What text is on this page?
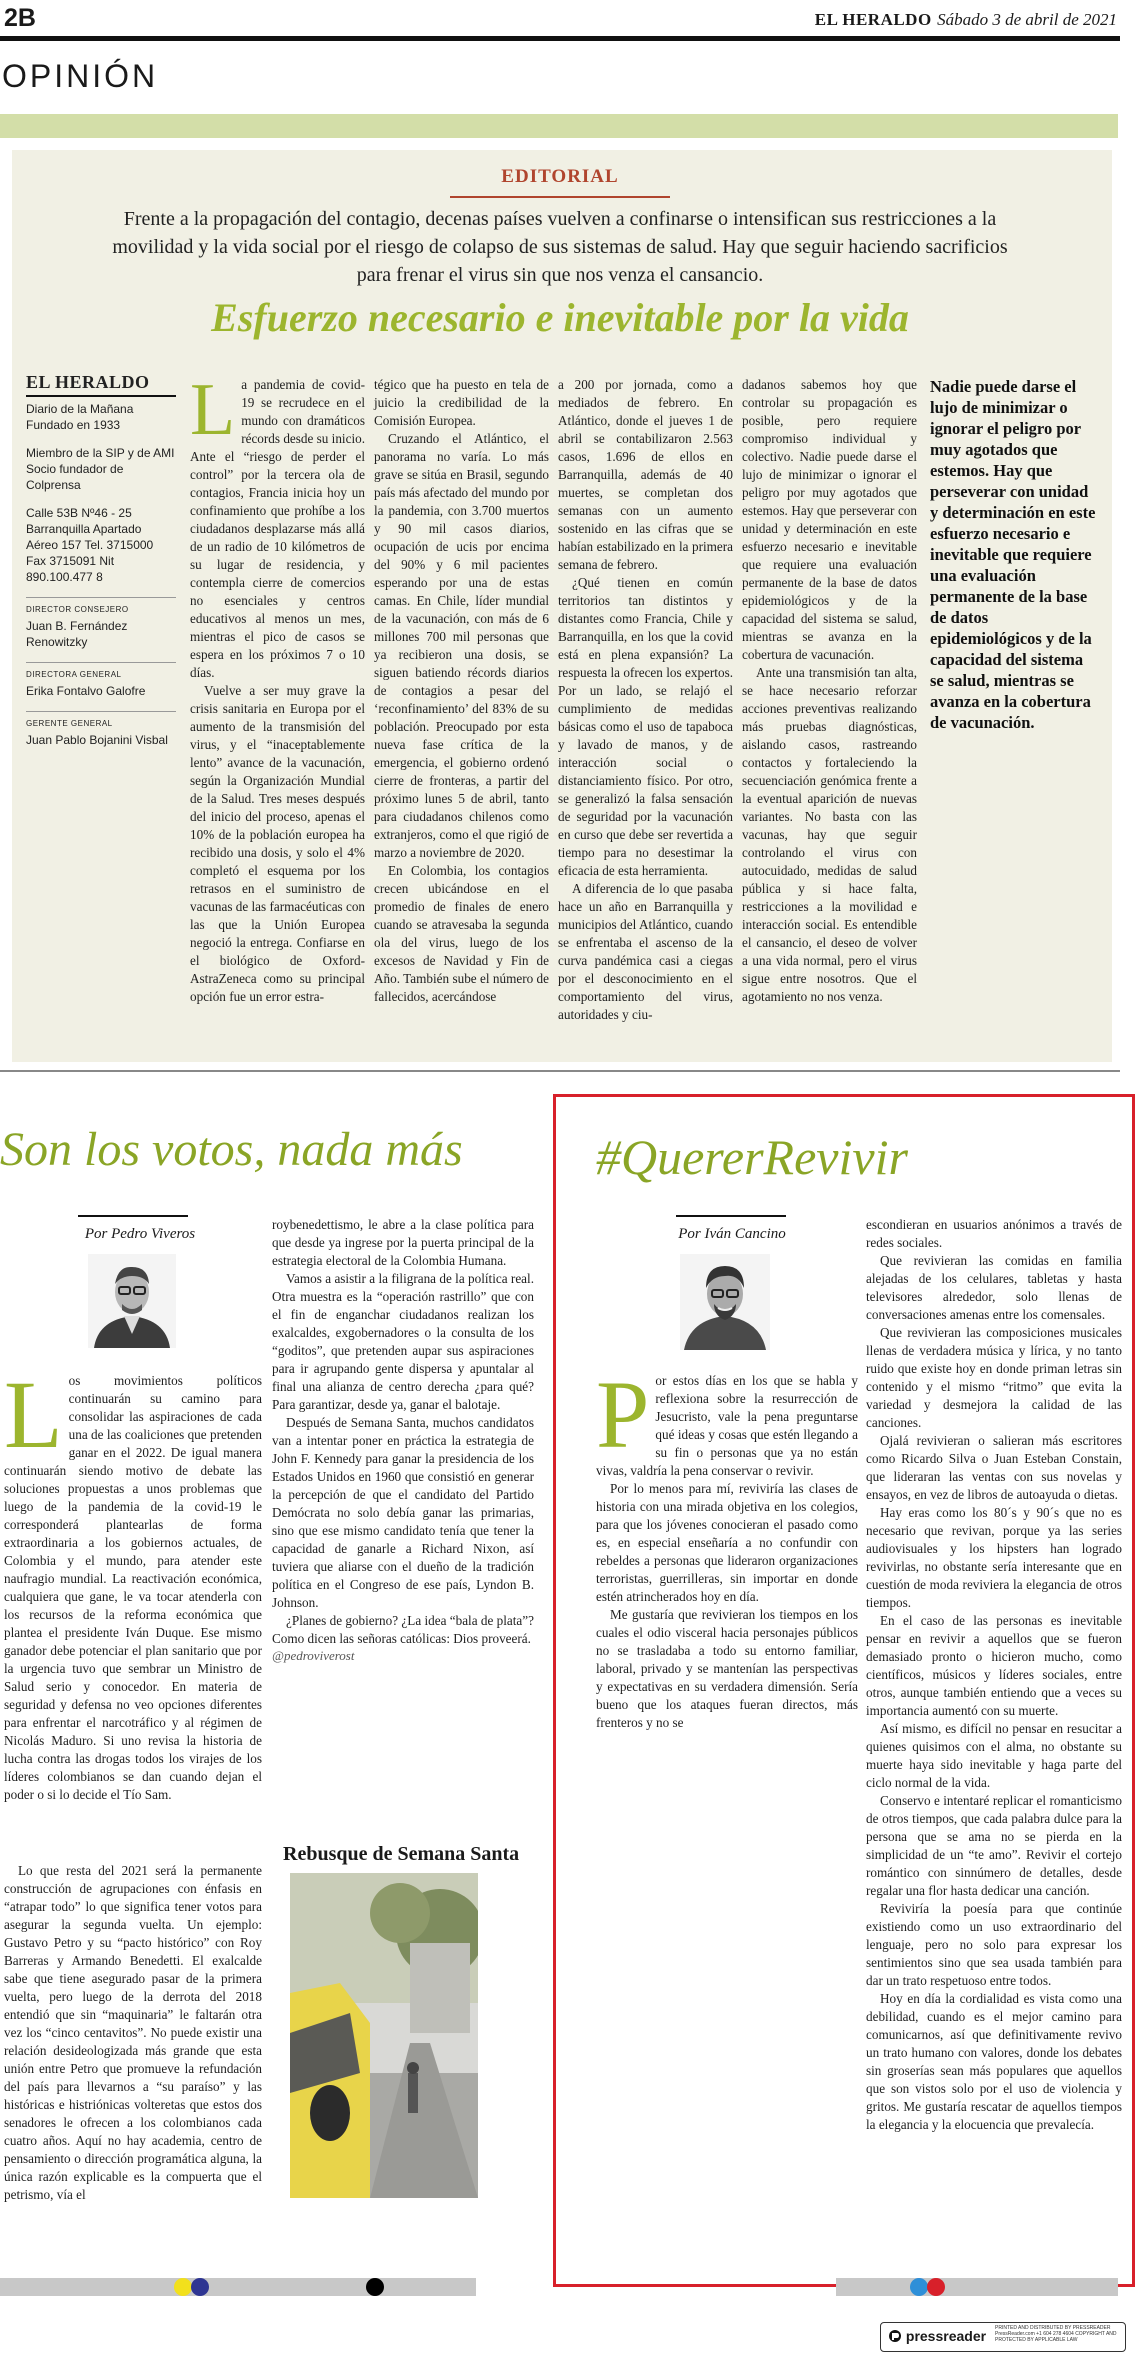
2B	EL HERALDO Sábado 3 de abril de 2021
OPINIÓN
EDITORIAL
Frente a la propagación del contagio, decenas países vuelven a confinarse o intensifican sus restricciones a la movilidad y la vida social por el riesgo de colapso de sus sistemas de salud. Hay que seguir haciendo sacrificios para frenar el virus sin que nos venza el cansancio.
Esfuerzo necesario e inevitable por la vida
EL HERALDO

Diario de la Mañana Fundado en 1933

Miembro de la SIP y de AMI Socio fundador de Colprensa

Calle 53B Nº46 - 25 Barranquilla Apartado Aéreo 157 Tel. 3715000 Fax 3715091 Nit 890.100.477 8

DIRECTOR CONSEJERO

Juan B. Fernández Renowitzky

DIRECTORA GENERAL

Erika Fontalvo Galofre

GERENTE GENERAL

Juan Pablo Bojanini Visbal

L a pandemia de covid-19 se recrudece en el mundo con dramáticos récords desde su inicio. Ante el “riesgo de perder el control” por la tercera ola de contagios, Francia inicia hoy un confinamiento que prohíbe a los ciudadanos desplazarse más allá de un radio de 10 kilómetros de su lugar de residencia, y contempla cierre de comercios no esenciales y centros educativos al menos un mes, mientras el pico de casos se espera en los próximos 7 o 10 días.

Vuelve a ser muy grave la crisis sanitaria en Europa por el aumento de la transmisión del virus, y el “inaceptablemente lento” avance de la vacunación, según la Organización Mundial de la Salud. Tres meses después del inicio del proceso, apenas el 10% de la población europea ha recibido una dosis, y solo el 4% completó el esquema por los retrasos en el suministro de vacunas de las farmacéuticas con las que la Unión Europea negoció la entrega. Confiarse en el biológico de Oxford-AstraZeneca como su principal opción fue un error estra-

tégico que ha puesto en tela de juicio la credibilidad de la Comisión Europea.

Cruzando el Atlántico, el panorama no varía. Lo más grave se sitúa en Brasil, segundo país más afectado del mundo por la pandemia, con 3.700 muertos y 90 mil casos diarios, ocupación de ucis por encima del 90% y 6 mil pacientes esperando por una de estas camas. En Chile, líder mundial de la vacunación, con más de 6 millones 700 mil personas que ya recibieron una dosis, se siguen batiendo récords diarios de contagios a pesar del ‘reconfinamiento’ del 83% de su población. Preocupado por esta nueva fase crítica de la emergencia, el gobierno ordenó cierre de fronteras, a partir del próximo lunes 5 de abril, tanto para ciudadanos chilenos como extranjeros, como el que rigió de marzo a noviembre de 2020.

En Colombia, los contagios crecen ubicándose en el promedio de finales de enero cuando se atravesaba la segunda ola del virus, luego de los excesos de Navidad y Fin de Año. También sube el número de fallecidos, acercándose

a 200 por jornada, como a mediados de febrero. En Atlántico, donde el jueves 1 de abril se contabilizaron 2.563 casos, 1.696 de ellos en Barranquilla, además de 40 muertes, se completan dos semanas con un aumento sostenido en las cifras que se habían estabilizado en la primera semana de febrero.

¿Qué tienen en común territorios tan distintos y distantes como Francia, Chile y Barranquilla, en los que la covid está en plena expansión? La respuesta la ofrecen los expertos. Por un lado, se relajó el cumplimiento de medidas básicas como el uso de tapaboca y lavado de manos, y de interacción social o distanciamiento físico. Por otro, se generalizó la falsa sensación de seguridad por la vacunación en curso que debe ser revertida a tiempo para no desestimar la eficacia de esta herramienta.

A diferencia de lo que pasaba hace un año en Barranquilla y municipios del Atlántico, cuando se enfrentaba el ascenso de la curva pandémica casi a ciegas por el desconocimiento en el comportamiento del virus, autoridades y ciu-

dadanos sabemos hoy que controlar su propagación es posible, pero requiere compromiso individual y colectivo. Nadie puede darse el lujo de minimizar o ignorar el peligro por muy agotados que estemos. Hay que perseverar con unidad y determinación en este esfuerzo necesario e inevitable que requiere una evaluación permanente de la base de datos epidemiológicos y de la capacidad del sistema se salud, mientras se avanza en la cobertura de vacunación.

Ante una transmisión tan alta, se hace necesario reforzar acciones preventivas realizando más pruebas diagnósticas, aislando casos, rastreando contactos y fortaleciendo la secuenciación genómica frente a la eventual aparición de nuevas variantes. No basta con las vacunas, hay que seguir controlando el virus con autocuidado, medidas de salud pública y si hace falta, restricciones a la movilidad e interacción social. Es entendible el cansancio, el deseo de volver a una vida normal, pero el virus sigue entre nosotros. Que el agotamiento no nos venza.

Nadie puede darse el lujo de minimizar o ignorar el peligro por muy agotados que estemos. Hay que perseverar con unidad y determinación en este esfuerzo necesario e inevitable que requiere una evaluación permanente de la base de datos epidemiológicos y de la capacidad del sistema se salud, mientras se avanza en la cobertura de vacunación.
Son los votos, nada más
Por Pedro Viveros
L os movimientos políticos continuarán su camino para consolidar las aspiraciones de cada una de las coaliciones que pretenden ganar en el 2022. De igual manera continuarán siendo motivo de debate las soluciones propuestas a unos problemas que luego de la pandemia de la covid-19 le corresponderá plantearlas de forma extraordinaria a los gobiernos actuales, de Colombia y el mundo, para atender este naufragio mundial. La reactivación económica, cualquiera que gane, le va tocar atenderla con los recursos de la reforma económica que plantea el presidente Iván Duque. Ese mismo ganador debe potenciar el plan sanitario que por la urgencia tuvo que sembrar un Ministro de Salud serio y conocedor. En materia de seguridad y defensa no veo opciones diferentes para enfrentar el narcotráfico y al régimen de Nicolás Maduro. Si uno revisa la historia de lucha contra las drogas todos los virajes de los líderes colombianos se dan cuando dejan el poder o si lo decide el Tío Sam.

Lo que resta del 2021 será la permanente construcción de agrupaciones con énfasis en “atrapar todo” lo que significa tener votos para asegurar la segunda vuelta. Un ejemplo: Gustavo Petro y su “pacto histórico” con Roy Barreras y Armando Benedetti. El exalcalde sabe que tiene asegurado pasar de la primera vuelta, pero luego de la derrota del 2018 entendió que sin “maquinaria” le faltarán otra vez los “cinco centavitos”. No puede existir una relación desideologizada más grande que esta unión entre Petro que promueve la refundación del país para llevarnos a “su paraíso” y las históricas e histriónicas volteretas que estos dos senadores le ofrecen a los colombianos cada cuatro años. Aquí no hay academia, centro de pensamiento o dirección programática alguna, la única razón explicable es la compuerta que el petrismo, vía el

roybenedettismo, le abre a la clase política para que desde ya ingrese por la puerta principal de la estrategia electoral de la Colombia Humana.

Vamos a asistir a la filigrana de la política real. Otra muestra es la “operación rastrillo” que con el fin de enganchar ciudadanos realizan los exalcaldes, exgobernadores o la consulta de los “goditos”, que pretenden aupar sus aspiraciones para ir agrupando gente dispersa y apuntalar al final una alianza de centro derecha ¿para qué? Para garantizar, desde ya, ganar el balotaje.

Después de Semana Santa, muchos candidatos van a intentar poner en práctica la estrategia de John F. Kennedy para ganar la presidencia de los Estados Unidos en 1960 que consistió en generar la percepción de que el candidato del Partido Demócrata no solo debía ganar las primarias, sino que ese mismo candidato tenía que tener la capacidad de ganarle a Richard Nixon, así tuviera que aliarse con el dueño de la tradición política en el Congreso de ese país, Lyndon B. Johnson.

¿Planes de gobierno? ¿La idea “bala de plata”? Como dicen las señoras católicas: Dios proveerá.

@pedroviverost
Rebusque de Semana Santa
#QuererRevivir
Por Iván Cancino
P or estos días en los que se habla y reflexiona sobre la resurrección de Jesucristo, vale la pena preguntarse qué ideas y cosas que estén llegando a su fin o personas que ya no están vivas, valdría la pena conservar o revivir.

Por lo menos para mí, reviviría las clases de historia con una mirada objetiva en los colegios, para que los jóvenes conocieran el pasado como es, en especial enseñaría a no confundir con rebeldes a personas que lideraron organizaciones terroristas, guerrilleras, sin importar en donde estén atrincherados hoy en día.

Me gustaría que revivieran los tiempos en los cuales el odio visceral hacia personajes públicos no se trasladaba a todo su entorno familiar, laboral, privado y se mantenían las perspectivas y expectativas en su verdadera dimensión. Sería bueno que los ataques fueran directos, más frenteros y no se

escondieran en usuarios anónimos a través de redes sociales.

Que revivieran las comidas en familia alejadas de los celulares, tabletas y hasta televisores alrededor, solo llenas de conversaciones amenas entre los comensales.

Que revivieran las composiciones musicales llenas de verdadera música y lírica, y no tanto ruido que existe hoy en donde priman letras sin contenido y el mismo “ritmo” que evita la variedad y desmejora la calidad de las canciones.

Ojalá revivieran o salieran más escritores como Ricardo Silva o Juan Esteban Constain, que lideraran las ventas con sus novelas y ensayos, en vez de libros de autoayuda o dietas.

Hay eras como los 80´s y 90´s que no es necesario que revivan, porque ya las series audiovisuales y los hipsters han logrado revivirlas, no obstante sería interesante que en cuestión de moda reviviera la elegancia de otros tiempos.

En el caso de las personas es inevitable pensar en revivir a aquellos que se fueron demasiado pronto o hicieron mucho, como científicos, músicos y líderes sociales, entre otros, aunque también entiendo que a veces su importancia aumentó con su muerte.

Así mismo, es difícil no pensar en resucitar a quienes quisimos con el alma, no obstante su muerte haya sido inevitable y haga parte del ciclo normal de la vida.

Conservo e intentaré replicar el romanticismo de otros tiempos, que cada palabra dulce para la persona que se ama no se pierda en la simplicidad de un “te amo”. Revivir el cortejo romántico con sinnúmero de detalles, desde regalar una flor hasta dedicar una canción.

Reviviría la poesía para que continúe existiendo como un uso extraordinario del lenguaje, pero no solo para expresar los sentimientos sino que sea usada también para dar un trato respetuoso entre todos.

Hoy en día la cordialidad es vista como una debilidad, cuando es el mejor camino para comunicarnos, así que definitivamente revivo un trato humano con valores, donde los debates sin groserías sean más populares que aquellos que son vistos solo por el uso de violencia y gritos. Me gustaría rescatar de aquellos tiempos la elegancia y la elocuencia que prevalecía.

pressreader PRINTED AND DISTRIBUTED BY PRESSREADER PressReader.com +1 604 278 4604 COPYRIGHT AND PROTECTED BY APPLICABLE LAW
